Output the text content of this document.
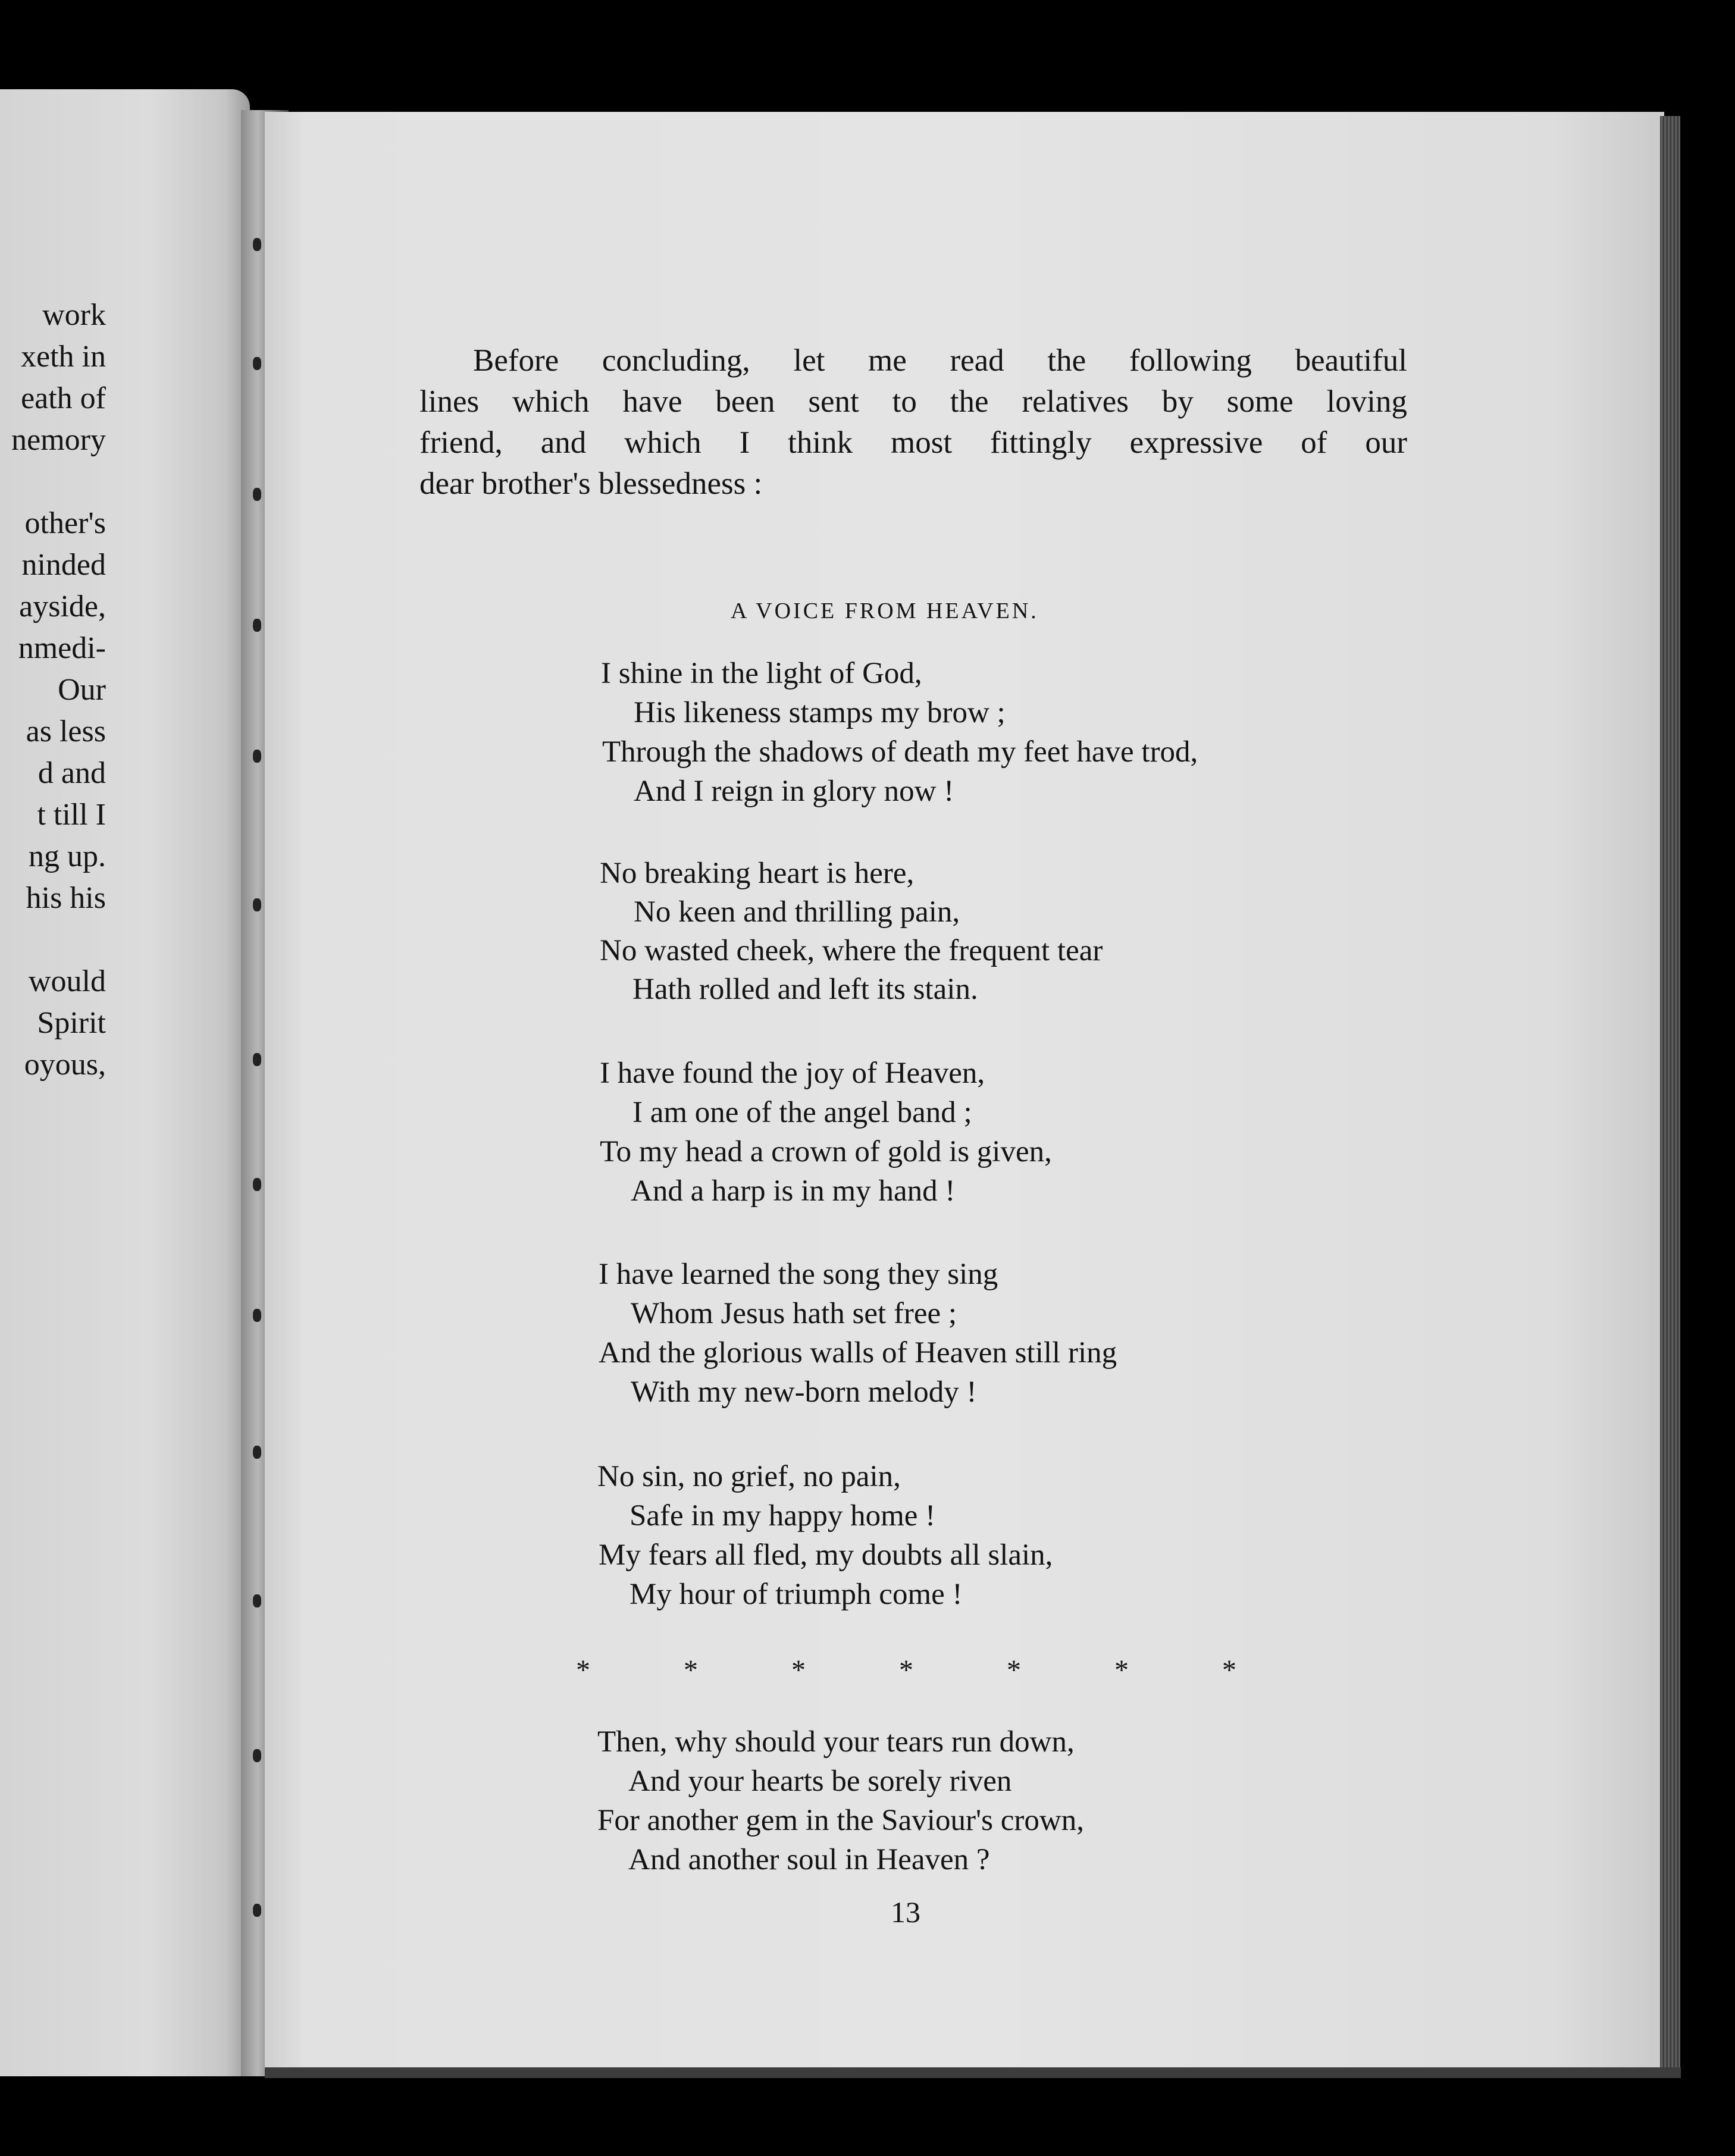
work
xeth in
eath of
nemory
other's
ninded
ayside,
nmedi-
Our
as less
d and
t till I
ng up.
his his
would
Spirit
oyous,
Before concluding, let me read the following beautiful
lines which have been sent to the relatives by some loving
friend, and which I think most fittingly expressive of our
dear brother's blessedness :
A VOICE FROM HEAVEN.
I shine in the light of God,
His likeness stamps my brow ;
Through the shadows of death my feet have trod,
And I reign in glory now !
No breaking heart is here,
No keen and thrilling pain,
No wasted cheek, where the frequent tear
Hath rolled and left its stain.
I have found the joy of Heaven,
I am one of the angel band ;
To my head a crown of gold is given,
And a harp is in my hand !
I have learned the song they sing
Whom Jesus hath set free ;
And the glorious walls of Heaven still ring
With my new-born melody !
No sin, no grief, no pain,
Safe in my happy home !
My fears all fled, my doubts all slain,
My hour of triumph come !
*	*	*	*	*	*	*
Then, why should your tears run down,
And your hearts be sorely riven
For another gem in the Saviour's crown,
And another soul in Heaven ?
13
